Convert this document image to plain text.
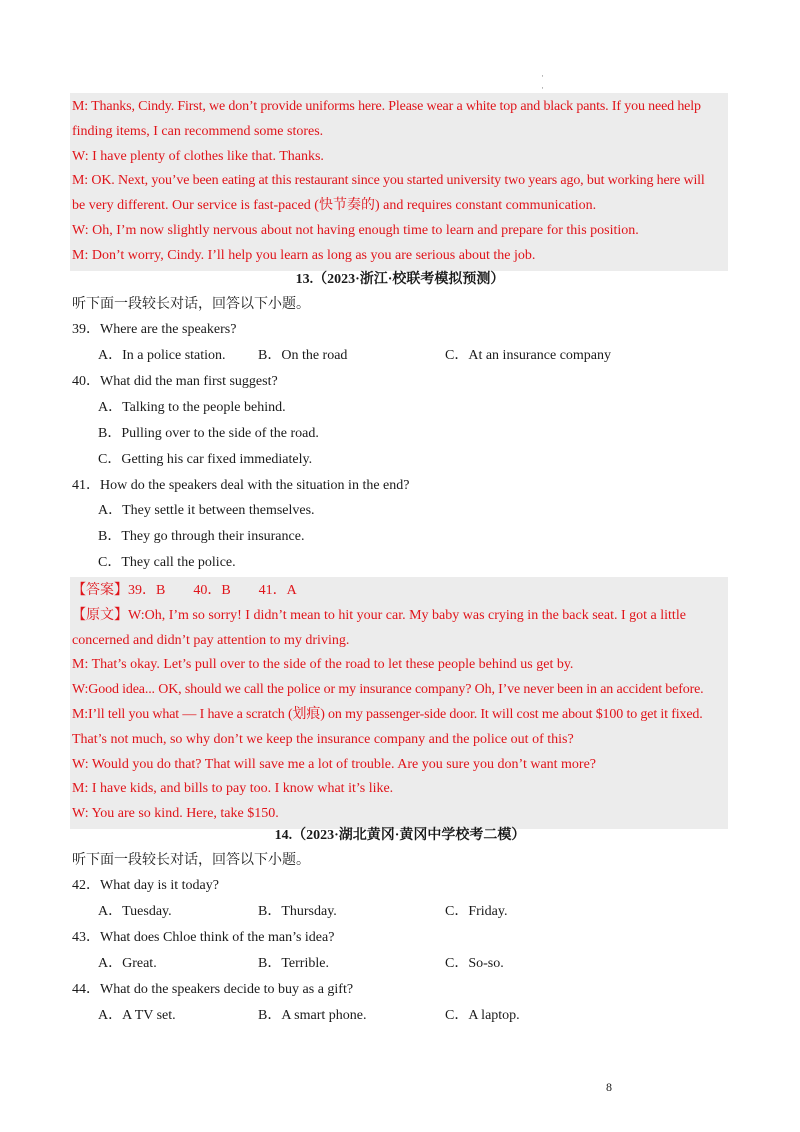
·
·
M: Thanks, Cindy. First, we don’t provide uniforms here. Please wear a white top and black pants. If you need help
finding items, I can recommend some stores.
W: I have plenty of clothes like that. Thanks.
M: OK. Next, you’ve been eating at this restaurant since you started university two years ago, but working here will
be very different. Our service is fast-paced (快节奏的) and requires constant communication.
W: Oh, I’m now slightly nervous about not having enough time to learn and prepare for this position.
M: Don’t worry, Cindy. I’ll help you learn as long as you are serious about the job.
13.（2023·浙江·校联考模拟预测）
听下面一段较长对话，回答以下小题。
39．Where are the speakers?
A．In a police station. B．On the road	C．At an insurance company
40．What did the man first suggest?
A．Talking to the people behind.
B．Pulling over to the side of the road.
C．Getting his car fixed immediately.
41．How do the speakers deal with the situation in the end?
A．They settle it between themselves.
B．They go through their insurance.
C．They call the police.
【答案】39．B　　40．B　　41．A
【原文】W:Oh, I’m so sorry! I didn’t mean to hit your car. My baby was crying in the back seat. I got a little
concerned and didn’t pay attention to my driving.
M: That’s okay. Let’s pull over to the side of the road to let these people behind us get by.
W:Good idea... OK, should we call the police or my insurance company? Oh, I’ve never been in an accident before.
M:I’ll tell you what — I have a scratch (划痕) on my passenger-side door. It will cost me about $100 to get it fixed.
That’s not much, so why don’t we keep the insurance company and the police out of this?
W: Would you do that? That will save me a lot of trouble. Are you sure you don’t want more?
M: I have kids, and bills to pay too. I know what it’s like.
W: You are so kind. Here, take $150.
14.（2023·湖北黄冈·黄冈中学校考二模）
听下面一段较长对话，回答以下小题。
42．What day is it today?
A．Tuesday.	B．Thursday.	C．Friday.
43．What does Chloe think of the man’s idea?
A．Great.	B．Terrible.	C．So-so.
44．What do the speakers decide to buy as a gift?
A．A TV set.	B．A smart phone.	C．A laptop.
8
